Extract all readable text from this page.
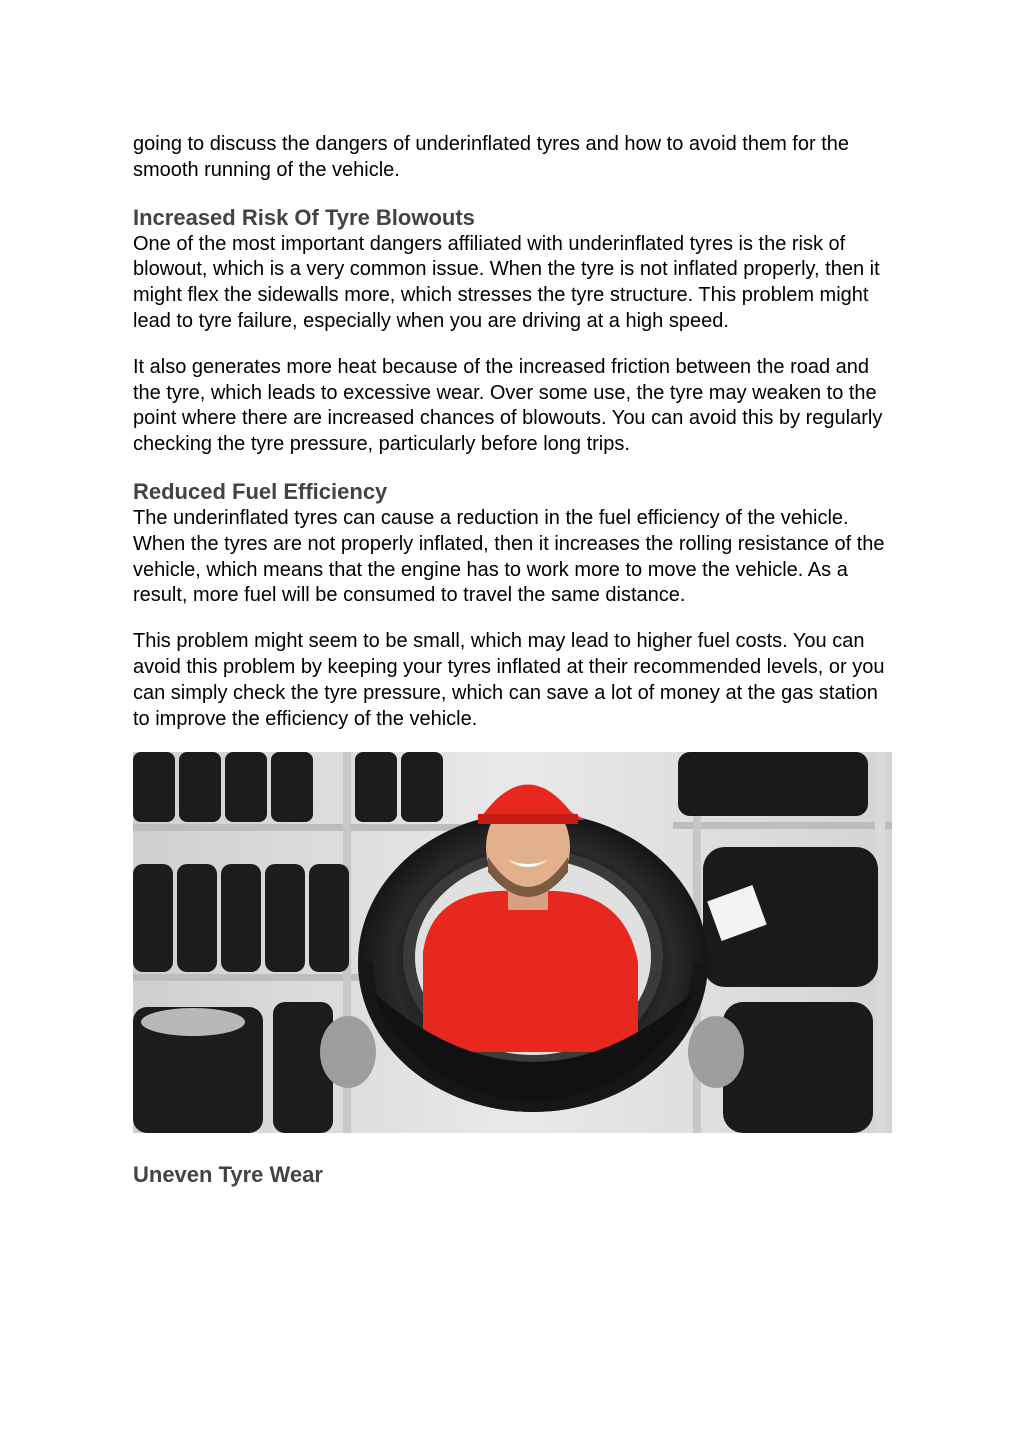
going to discuss the dangers of underinflated tyres and how to avoid them for the smooth running of the vehicle.

Increased Risk Of Tyre Blowouts

One of the most important dangers affiliated with underinflated tyres is the risk of blowout, which is a very common issue. When the tyre is not inflated properly, then it might flex the sidewalls more, which stresses the tyre structure. This problem might lead to tyre failure, especially when you are driving at a high speed.

It also generates more heat because of the increased friction between the road and the tyre, which leads to excessive wear. Over some use, the tyre may weaken to the point where there are increased chances of blowouts. You can avoid this by regularly checking the tyre pressure, particularly before long trips.

Reduced Fuel Efficiency

The underinflated tyres can cause a reduction in the fuel efficiency of the vehicle. When the tyres are not properly inflated, then it increases the rolling resistance of the vehicle, which means that the engine has to work more to move the vehicle. As a result, more fuel will be consumed to travel the same distance.

This problem might seem to be small, which may lead to higher fuel costs. You can avoid this problem by keeping your tyres inflated at their recommended levels, or you can simply check the tyre pressure, which can save a lot of money at the gas station to improve the efficiency of the vehicle.

Uneven Tyre Wear
